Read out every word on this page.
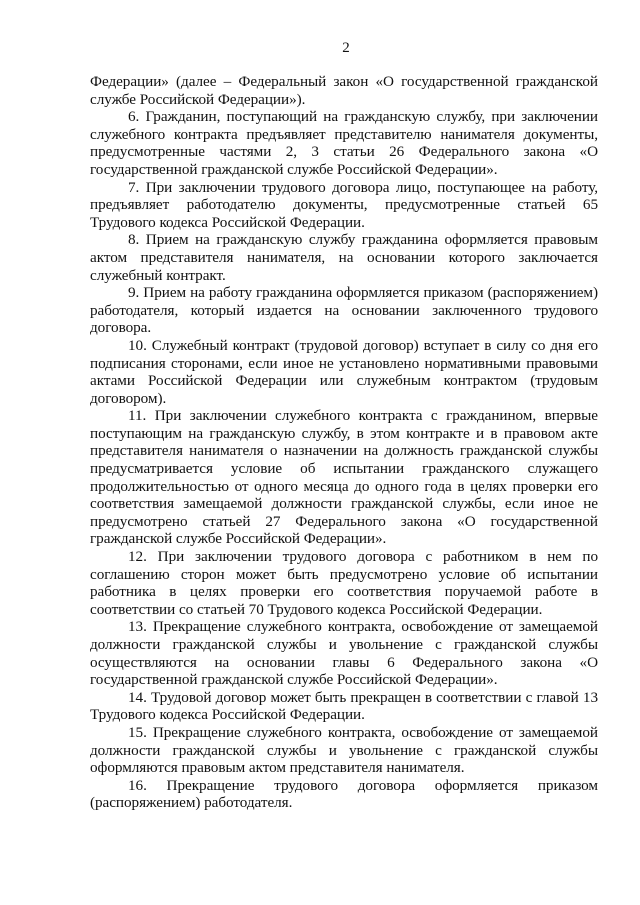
2

Федерации» (далее – Федеральный закон «О государственной гражданской службе Российской Федерации»).

6. Гражданин, поступающий на гражданскую службу, при заключении служебного контракта предъявляет представителю нанимателя документы, предусмотренные частями 2, 3 статьи 26 Федерального закона «О государственной гражданской службе Российской Федерации».

7. При заключении трудового договора лицо, поступающее на работу, предъявляет работодателю документы, предусмотренные статьей 65 Трудового кодекса Российской Федерации.

8. Прием на гражданскую службу гражданина оформляется правовым актом представителя нанимателя, на основании которого заключается служебный контракт.

9. Прием на работу гражданина оформляется приказом (распоряжением) работодателя, который издается на основании заключенного трудового договора.

10. Служебный контракт (трудовой договор) вступает в силу со дня его подписания сторонами, если иное не установлено нормативными правовыми актами Российской Федерации или служебным контрактом (трудовым договором).

11. При заключении служебного контракта с гражданином, впервые поступающим на гражданскую службу, в этом контракте и в правовом акте представителя нанимателя о назначении на должность гражданской службы предусматривается условие об испытании гражданского служащего продолжительностью от одного месяца до одного года в целях проверки его соответствия замещаемой должности гражданской службы, если иное не предусмотрено статьей 27 Федерального закона «О государственной гражданской службе Российской Федерации».

12. При заключении трудового договора с работником в нем по соглашению сторон может быть предусмотрено условие об испытании работника в целях проверки его соответствия поручаемой работе в соответствии со статьей 70 Трудового кодекса Российской Федерации.

13. Прекращение служебного контракта, освобождение от замещаемой должности гражданской службы и увольнение с гражданской службы осуществляются на основании главы 6 Федерального закона «О государственной гражданской службе Российской Федерации».

14. Трудовой договор может быть прекращен в соответствии с главой 13 Трудового кодекса Российской Федерации.

15. Прекращение служебного контракта, освобождение от замещаемой должности гражданской службы и увольнение с гражданской службы оформляются правовым актом представителя нанимателя.

16. Прекращение трудового договора оформляется приказом (распоряжением) работодателя.
